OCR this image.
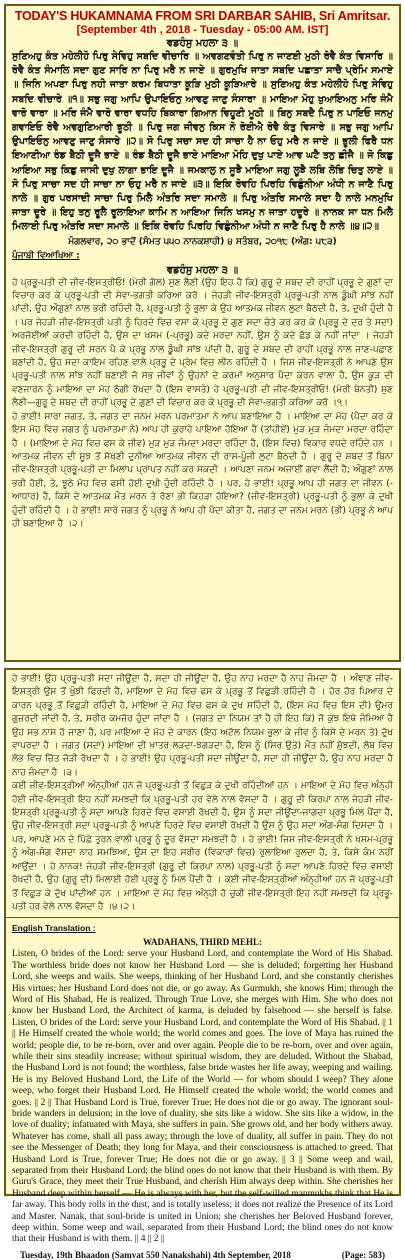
TODAY'S HUKAMNAMA FROM SRI DARBAR SAHIB, Sri Amritsar.
[September 4th , 2018 - Tuesday - 05:00 AM. IST]
ਵਡਹੰਸੁ ਮਹਲਾ ੩ ॥
ਸੁਣਿਅਹੁ ਕੰਤ ਮਹੇਲੀਹੋ ਪਿਰੁ ਸੇਵਿਹੁ ਸਬਦਿ ਵੀਚਾਰਿ ॥ ਅਵਗਣਵੰਤੀ ਪਿਰੁ ਨ ਜਾਣਈ ਮੁਠੀ ਰੋਵੈ ਕੰਤ ਵਿਸਾਰਿ ॥ ਰੋਵੈ ਕੰਤ ਸੰਮਾਲਿ ਸਦਾ ਗੁਣ ਸਾਰਿ ਨਾ ਪਿਰੁ ਮਰੈ ਨ ਜਾਏ ॥ ਗੁਰਮੁਖਿ ਜਾਤਾ ਸਬਦਿ ਪਛਾਤਾ ਸਾਚੈ ਪ੍ਰੇਮਿ ਸਮਾਏ ॥ ਜਿਨਿ ਅਪਣਾ ਪਿਰੁ ਨਹੀ ਜਾਤਾ ਕਰਮ ਬਿਧਾਤਾ ਕੂੜਿ ਮੁਠੀ ਕੂੜਿਆਰੇ ॥ ਸੁਣਿਅਹੁ ਕੰਤ ਮਹੇਲੀਹੋ ਪਿਰੁ ਸੇਵਿਹੁ ਸਬਦਿ ਵੀਚਾਰੇ ॥੧॥ ਸਭੁ ਜਗੁ ਆਪਿ ਉਪਾਇਓਨੁ ਆਵਣੁ ਜਾਣੁ ਸੰਸਾਰਾ ॥ ਮਾਇਆ ਮੋਹੁ ਖੁਆਇਅਨੁ ਮਰਿ ਜੰਮੈ ਵਾਰੋ ਵਾਰਾ ॥ ਮਰਿ ਜੰਮੈ ਵਾਰੋ ਵਾਰਾ ਵਧਹਿ ਬਿਕਾਰਾ ਗਿਆਨ ਵਿਹੂਣੀ ਮੂਠੀ ॥ ਬਿਨੁ ਸਬਦੈ ਪਿਰੁ ਨ ਪਾਇਓ ਜਨਮੁ ਗਵਾਇਓ ਰੋਵੈ ਅਵਗੁਣਿਆਰੀ ਝੂਠੀ ॥ ਪਿਰੁ ਜਗ ਜੀਵਨੁ ਕਿਸ ਨੋ ਰੋਈਐ ਰੋਵੈ ਕੰਤੁ ਵਿਸਾਰੇ ॥ ਸਭੁ ਜਗੁ ਆਪਿ ਉਪਾਇਓਨੁ ਆਵਣੁ ਜਾਣੁ ਸੰਸਾਰੇ ॥੨॥ ਸੋ ਪਿਰੁ ਸਚਾ ਸਦ ਹੀ ਸਾਚਾ ਹੈ ਨਾ ਓਹੁ ਮਰੈ ਨ ਜਾਏ ॥ ਭੂਲੀ ਫਿਰੈ ਧਨ ਇਆਣੀਆ ਰੰਡ ਬੈਠੀ ਦੂਜੈ ਭਾਏ ॥ ਰੰਡ ਬੈਠੀ ਦੂਜੈ ਭਾਏ ਮਾਇਆ ਮੋਹਿ ਦੁਖੁ ਪਾਏ ਆਵ ਘਟੈ ਤਨੁ ਛੀਜੈ ॥ ਜੋ ਕਿਛੁ ਆਇਆ ਸਭੁ ਕਿਛੁ ਜਾਸੀ ਦੁਖੁ ਲਾਗਾ ਭਾਇ ਦੂਜੈ ॥ ਜਮਕਾਲੁ ਨ ਸੂਝੈ ਮਾਇਆ ਜਗੁ ਲੂਝੈ ਲਬਿ ਲੋਭਿ ਚਿਤੁ ਲਾਏ ॥ ਸੋ ਪਿਰੁ ਸਾਚਾ ਸਦ ਹੀ ਸਾਚਾ ਨਾ ਓਹੁ ਮਰੈ ਨ ਜਾਏ ॥੩॥ ਇਕਿ ਰੋਵਹਿ ਪਿਰਹਿ ਵਿਛੁੰਨੀਆ ਅੰਧੀ ਨ ਜਾਣੈ ਪਿਰੁ ਨਾਲੇ ॥ ਗੁਰ ਪਰਸਾਦੀ ਸਾਚਾ ਪਿਰੁ ਮਿਲੈ ਅੰਤਰਿ ਸਦਾ ਸਮਾਲੇ ॥ ਪਿਰੁ ਅੰਤਰਿ ਸਮਾਲੇ ਸਦਾ ਹੈ ਨਾਲੇ ਮਨਮੁਖਿ ਜਾਤਾ ਦੂਰੇ ॥ ਇਹੁ ਤਨੁ ਰੂਲੈ ਰੂਲਾਇਆ ਕਾਮਿ ਨ ਆਇਆ ਜਿਨਿ ਖਸਮੁ ਨ ਜਾਤਾ ਹਦੂਰੇ ॥ ਨਾਨਕ ਸਾ ਧਨ ਮਿਲੈ ਮਿਲਾਈ ਪਿਰੁ ਅੰਤਰਿ ਸਦਾ ਸਮਾਲੇ ॥ ਇਕਿ ਰੋਵਹਿ ਪਿਰਹਿ ਵਿਛੁੰਨੀਆ ਅੰਧੀ ਨ ਜਾਣੈ ਪਿਰੁ ਹੈ ਨਾਲੇ ॥੪॥੨॥
ਮੰਗਲਵਾਰ, ੨੦ ਭਾਦੋਂ (ਸੰਮਤ ੫੫੦ ਨਾਨਕਸ਼ਾਹੀ) ੪ ਸਤੰਬਰ, ੨੦੧੮ (ਅੰਗ: ੫੮੩)
ਪੰਜਾਬੀ ਵਿਆਖਿਆ :
ਵਡਹੰਸੁ ਮਹਲਾ ੩ ॥
ਹੇ ਪ੍ਰਭੂ-ਪਤੀ ਦੀ ਜੀਵ-ਇਸਤ੍ਰੀਓ! (ਮੇਰੀ ਗੱਲ) ਸੁਣ ਲੈਣੀ (ਉਹ ਇਹ ਹੈ ਕਿ) ਗੁਰੂ ਦੇ ਸ਼ਬਦ ਦੀ ਰਾਹੀਂ ਪ੍ਰਭੂ ਦੇ ਗੁਣਾਂ ਦਾ ਵਿਚਾਰ ਕਰ ਕੇ ਪ੍ਰਭੂ-ਪਤੀ ਦੀ ਸੇਵਾ-ਭਗਤੀ ਕਰਿਆ ਕਰੋ । ਜੇਹੜੀ ਜੀਵ-ਇਸਤ੍ਰੀ ਪ੍ਰਭੂ-ਪਤੀ ਨਾਲ ਡੂੰਘੀ ਸਾਂਝ ਨਹੀਂ ਪਾਂਦੀ, ਉਹ ਔਗੁਣਾਂ ਨਾਲ ਭਰੀ ਰਹਿੰਦੀ ਹੈ, ਪ੍ਰਭੂ-ਪਤੀ ਨੂੰ ਭੁਲਾ ਕੇ ਉਹ ਆਤਮਕ ਜੀਵਨ ਲੁਟਾ ਬੈਠਦੀ ਹੈ, ਤੇ, ਦੁਖੀ ਹੁੰਦੀ ਹੈ । ਪਰ ਜੇਹੜੀ ਜੀਵ-ਇਸਤ੍ਰੀ ਪਤੀ ਨੂੰ ਹਿਰਦੇ ਵਿਚ ਵਸਾ ਕੇ ਪ੍ਰਭੂ ਦੇ ਗੁਣ ਸਦਾ ਚੇਤੇ ਕਰ ਕਰ ਕੇ (ਪ੍ਰਭੂ ਦੇ ਦਰ ਤੇ ਸਦਾ) ਅਰਜ਼ੋਈਆਂ ਕਰਦੀ ਰਹਿੰਦੀ ਹੈ, ਉਸ ਦਾ ਖਸਮ (-ਪ੍ਰਭੂ) ਕਦੇ ਮਰਦਾ ਨਹੀਂ, ਉਸ ਨੂੰ ਕਦੇ ਛੱਡ ਕੇ ਨਹੀਂ ਜਾਂਦਾ । ਜੇਹੜੀ ਜੀਵ-ਇਸਤ੍ਰੀ ਗੁਰੂ ਦੀ ਸਰਨ ਪੈ ਕੇ ਪ੍ਰਭੂ ਨਾਲ ਡੂੰਘੀ ਸਾਂਝ ਪਾਂਦੀ ਹੈ, ਗੁਰੂ ਦੇ ਸ਼ਬਦ ਦੀ ਰਾਹੀਂ ਪ੍ਰਭੂ ਨਾਲ ਜਾਣ-ਪਛਾਣ ਬਣਾਂਦੀ ਹੈ, ਉਹ ਸਦਾ ਕਾਇਮ ਰਹਿਣ ਵਾਲੇ ਪ੍ਰਭੂ ਦੇ ਪ੍ਰੇਮ ਵਿਚ ਲੀਨ ਰਹਿੰਦੀ ਹੈ । ਜਿਸ ਜੀਵ-ਇਸਤ੍ਰੀ ਨੇ ਆਪਣੇ ਉਸ ਪ੍ਰਭੂ-ਪਤੀ ਨਾਲ ਸਾਂਝ ਨਹੀਂ ਬਣਾਈ ਜੋ ਸਭ ਜੀਵਾਂ ਨੂੰ ਉਹਨਾਂ ਦੇ ਕਰਮਾਂ ਅਨੁਸਾਰ ਪੈਦਾ ਕਰਨ ਵਾਲਾ ਹੈ, ਉਸ ਕੂੜ ਦੀ ਵਣਜਾਰਨ ਨੂੰ ਮਾਇਆ ਦਾ ਮੋਹ ਠੱਗੀ ਰੱਖਦਾ ਹੈ (ਇਸ ਵਾਸਤੇ) ਹੇ ਪ੍ਰਭੂ-ਪਤੀ ਦੀ ਜੀਵ-ਇਸਤ੍ਰੀਓ! (ਮੇਰੀ ਬੇਨਤੀ) ਸੁਣ ਲੈਣੀ—ਗੁਰੂ ਦੇ ਸ਼ਬਦ ਦੀ ਰਾਹੀਂ ਪ੍ਰਭੂ ਦੇ ਗੁਣਾਂ ਦੀ ਵਿਚਾਰ ਕਰ ਕੇ ਪ੍ਰਭੂ ਦੀ ਸੇਵਾ-ਭਗਤੀ ਕਰਿਆ ਕਰੋ ।੧।
ਹੇ ਭਾਈ! ਸਾਰਾ ਜਗਤ, ਤੇ, ਜਗਤ ਦਾ ਜਨਮ ਮਰਨ ਪਰਮਾਤਮਾ ਨੇ ਆਪ ਬਣਾਇਆ ਹੈ । ਮਾਇਆ ਦਾ ਮੋਹ (ਪੈਦਾ ਕਰ ਕੇ ਇਸ ਮੋਹ ਵਿਚ ਜਗਤ ਨੂੰ ਪਰਮਾਤਮਾ ਨੇ) ਆਪ ਹੀ ਕੁਰਾਹੇ ਪਾਇਆ ਹੋਇਆ ਹੈ (ਤਾਂਹੀਏਂ) ਮੁੜ ਮੁੜ ਜੰਮਦਾ ਮਰਦਾ ਰਹਿੰਦਾ ਹੈ । (ਮਾਇਆ ਦੇ ਮੋਹ ਵਿਚ ਫਸ ਕੇ ਜੀਵ) ਮੁੜ ਮੁੜ ਜੰਮਦਾ ਮਰਦਾ ਰਹਿੰਦਾ ਹੈ, (ਇਸ ਵਿਚ) ਵਿਕਾਰ ਵਧਦੇ ਰਹਿੰਦੇ ਹਨ । ਆਤਮਕ ਜੀਵਨ ਦੀ ਸੂਝ ਤੋਂ ਸੱਖਣੀ ਦੁਨੀਆ ਆਤਮਕ ਜੀਵਨ ਦੀ ਰਾਸ-ਪੂੰਜੀ ਲੁਟਾ ਬੈਠਦੀ ਹੈ । ਗੁਰੂ ਦੇ ਸ਼ਬਦ ਤੋਂ ਬਿਨਾ ਜੀਵ-ਇਸਤ੍ਰੀ ਪ੍ਰਭੂ-ਪਤੀ ਦਾ ਮਿਲਾਪ ਪ੍ਰਾਪਤ ਨਹੀਂ ਕਰ ਸਕਦੀ । ਆਪਣਾ ਜਨਮ ਅਜਾਈਂ ਗਵਾ ਲੈਂਦੀ ਹੈ; ਔਗੁਣਾਂ ਨਾਲ ਭਰੀ ਹੋਈ, ਤੇ, ਝੂਠੇ ਮੋਹ ਵਿਚ ਫਸੀ ਹੋਈ ਦੁਖੀ ਹੁੰਦੀ ਰਹਿੰਦੀ ਹੈ । ਪਰ, ਹੇ ਭਾਈ! ਪ੍ਰਭੂ ਆਪ ਹੀ ਜਗਤ ਦਾ ਜੀਵਨ (-ਆਧਾਰ) ਹੈ, ਕਿਸੇ ਦੇ ਆਤਮਕ ਮੌਤ ਮਰਨ ਤੇ ਰੋਣਾ ਭੀ ਕਿਹੜਾ ਹੋਇਆ? (ਜੀਵ-ਇਸਤ੍ਰੀ) ਪ੍ਰਭੂ-ਪਤੀ ਨੂੰ ਭੁਲਾ ਕੇ ਦੁਖੀ ਹੁੰਦੀ ਰਹਿੰਦੀ ਹੈ । ਹੇ ਭਾਈ! ਸਾਰੇ ਜਗਤ ਨੂੰ ਪ੍ਰਭੂ ਨੇ ਆਪ ਹੀ ਪੈਦਾ ਕੀਤਾ ਹੈ, ਜਗਤ ਦਾ ਜਨਮ ਮਰਨ (ਭੀ) ਪ੍ਰਭੂ ਨੇ ਆਪ ਹੀ ਬਣਾਇਆ ਹੈ ।੨।
ਹੇ ਭਾਈ! ਉਹ ਪ੍ਰਭੂ-ਪਤੀ ਸਦਾ ਜੀਊਂਦਾ ਹੈ, ਸਦਾ ਹੀ ਜੀਊਂਦਾ ਹੈ, ਉਹ ਨਾਹ ਮਰਦਾ ਹੈ ਨਾਹ ਜੰਮਦਾ ਹੈ । ਅੰਞਾਣ ਜੀਵ-ਇਸਤ੍ਰੀ ਉਸ ਤੋਂ ਖੁੰਝੀ ਫਿਰਦੀ ਹੈ, ਮਾਇਆ ਦੇ ਮੋਹ ਵਿਚ ਫਸ ਕੇ ਪ੍ਰਭੂ ਤੋਂ ਵਿਛੁੜੀ ਰਹਿੰਦੀ ਹੈ । ਹੋਰ ਹੋਰ ਪਿਆਰ ਦੇ ਕਾਰਨ ਪ੍ਰਭੂ ਤੋਂ ਵਿਛੁੜੀ ਰਹਿੰਦੀ ਹੈ, ਮਾਇਆ ਦੇ ਮੋਹ ਵਿਚ ਫਸ ਕੇ ਦੁਖ ਸਹਿੰਦੀ ਹੈ, (ਇਸ ਮੋਹ ਵਿਚ ਇਸ ਦੀ) ਉਮਰ ਗੁਜ਼ਰਦੀ ਜਾਂਦੀ ਹੈ, ਤੇ, ਸਰੀਰ ਕਮਜ਼ੋਰ ਹੁੰਦਾ ਜਾਂਦਾ ਹੈ । (ਜਗਤ ਦਾ ਨਿਯਮ ਤਾਂ ਹੈ ਹੀ ਇਹ ਕਿ) ਜੋ ਕੁਝ ਇਥੇ ਜੰਮਿਆ ਹੈ ਉਹ ਸਭ ਨਾਸ ਹੋ ਜਾਣਾ ਹੈ, ਪਰ ਮਾਇਆ ਦੇ ਮੋਹ ਦੇ ਕਾਰਨ (ਇਹ ਅਟੱਲ ਨਿਯਮ ਭੁਲਾ ਕੇ ਜੀਵ ਨੂੰ ਕਿਸੇ ਦੇ ਮਰਨ ਤੇ) ਦੁੱਖ ਵਾਪਰਦਾ ਹੈ । ਜਗਤ (ਸਦਾ) ਮਾਇਆ ਦੀ ਖ਼ਾਤਰ ਲੜਦਾ-ਝਗੜਦਾ ਹੈ, ਇਸ ਨੂੰ (ਸਿਰ ਉਤੇ) ਮੌਤ ਨਹੀਂ ਸੁੱਝਦੀ, ਲੱਬ ਵਿਚ ਲੋਭ ਵਿਚ ਚਿੱਤ ਜੋੜੀ ਰੱਖਦਾ ਹੈ । ਹੇ ਭਾਈ! ਉਹ ਪ੍ਰਭੂ-ਪਤੀ ਸਦਾ ਜੀਊਂਦਾ ਹੈ, ਸਦਾ ਹੀ ਜੀਊਂਦਾ ਹੈ, ਉਹ ਨਾਹ ਮਰਦਾ ਹੈ ਨਾਹ ਜੰਮਦਾ ਹੈ ।੩।
ਕਈ ਜੀਵ-ਇਸਤ੍ਰੀਆਂ ਅੰਨ੍ਹੀਆਂ ਹਨ ਜੋ ਪ੍ਰਭੂ-ਪਤੀ ਤੋਂ ਵਿਛੁੜ ਕੇ ਦੁਖੀ ਰਹਿੰਦੀਆਂ ਹਨ । ਮਾਇਆ ਦੇ ਮੋਹ ਵਿਚ ਅੰਨ੍ਹੀ ਹੋਈ ਜੀਵ-ਇਸਤ੍ਰੀ ਇਹ ਨਹੀਂ ਸਮਝਦੀ ਕਿ ਪ੍ਰਭੂ-ਪਤੀ ਹਰ ਵੇਲੇ ਨਾਲ ਵੱਸਦਾ ਹੈ । ਗੁਰੂ ਦੀ ਕਿਰਪਾ ਨਾਲ ਜੇਹੜੀ ਜੀਵ-ਇਸਤ੍ਰੀ ਪ੍ਰਭੂ-ਪਤੀ ਨੂੰ ਸਦਾ ਆਪਣੇ ਹਿਰਦੇ ਵਿਚ ਵਸਾਈ ਰੱਖਦੀ ਹੈ, ਉਸ ਨੂੰ ਸਦਾ ਜੀਊਂਦਾ-ਜਾਗਦਾ ਪ੍ਰਭੂ ਮਿਲ ਪੈਂਦਾ ਹੈ, ਉਹ ਜੀਵ-ਇਸਤ੍ਰੀ ਸਦਾ ਪ੍ਰਭੂ-ਪਤੀ ਨੂੰ ਆਪਣੇ ਹਿਰਦੇ ਵਿਚ ਵਸਾਈ ਰੱਖਦੀ ਹੈ ਉਸ ਨੂੰ ਉਹ ਸਦਾ ਅੰਗ-ਸੰਗ ਦਿਸਦਾ ਹੈ । ਪਰ, ਆਪਣੇ ਮਨ ਦੇ ਪਿੱਛੇ ਤੁਰਨ ਵਾਲੀ ਪ੍ਰਭੂ ਨੂੰ ਦੂਰ ਵੱਸਦਾ ਸਮਝਦੀ ਹੈ । ਹੇ ਭਾਈ! ਜਿਸ ਜੀਵ-ਇਸਤ੍ਰੀ ਨੇ ਖਸਮ-ਪ੍ਰਭੂ ਨੂੰ ਅੰਗ-ਸੰਗ ਵੱਸਦਾ ਨਾਹ ਸਮਝਿਆ, ਉਸ ਦਾ ਇਹ ਸਰੀਰ (ਵਿਕਾਰਾਂ ਵਿਚ) ਰੁਲਾਇਆ ਰੁਲਦਾ ਹੈ, ਤੇ, ਕਿਸੇ ਕੰਮ ਨਹੀਂ ਆਉਂਦਾ । ਹੇ ਨਾਨਕ! ਜੇਹੜੀ ਜੀਵ-ਇਸਤ੍ਰੀ (ਗੁਰੂ ਦੀ ਕਿਰਪਾ ਨਾਲ) ਪ੍ਰਭੂ-ਪਤੀ ਨੂੰ ਸਦਾ ਆਪਣੇ ਹਿਰਦੇ ਵਿਚ ਵਸਾਈ ਰੱਖਦੀ ਹੈ, ਉਹ (ਗੁਰੂ ਦੀ) ਮਿਲਾਈ ਹੋਈ ਪ੍ਰਭੂ ਨੂੰ ਮਿਲ ਪੈਂਦੀ ਹੈ । ਕਈ ਜੀਵ-ਇਸਤ੍ਰੀਆਂ ਅੰਨ੍ਹੀਆਂ ਹਨ ਜੋ ਪ੍ਰਭੂ-ਪਤੀ ਤੋਂ ਵਿਛੁੜ ਕੇ ਦੁੱਖ ਪਾਂਦੀਆਂ ਹਨ । ਮਾਇਆ ਦੇ ਮੋਹ ਵਿਚ ਅੰਨ੍ਹੀ ਹੋ ਚੁਕੀ ਜੀਵ-ਇਸਤ੍ਰੀ ਇਹ ਨਹੀਂ ਸਮਝਦੀ ਕਿ ਪ੍ਰਭੂ-ਪਤੀ ਹਰ ਵੇਲੇ ਨਾਲ ਵੱਸਦਾ ਹੈ ।੪।੨।
English Translation :
WADAHANS, THIRD MEHL:
Listen, O brides of the Lord: serve your Husband Lord, and contemplate the Word of His Shabad. The worthless bride does not know her Husband Lord — she is deluded; forgetting her Husband Lord, she weeps and wails. She weeps, thinking of her Husband Lord, and she constantly cherishes His virtues; her Husband Lord does not die, or go away. As Gurmukh, she knows Him; through the Word of His Shabad, He is realized. Through True Love, she merges with Him. She who does not know her Husband Lord, the Architect of karma, is deluded by falsehood — she herself is false. Listen, O brides of the Lord: serve your Husband Lord, and contemplate the Word of His Shabad. || 1 || He Himself created the whole world; the world comes and goes. The love of Maya has ruined the world; people die, to be re-born, over and over again. People die to be re-born, over and over again, while their sins steadily increase; without spiritual wisdom, they are deluded. Without the Shabad, the Husband Lord is not found; the worthless, false bride wastes her life away, weeping and wailing. He is my Beloved Husband Lord, the Life of the World — for whom should I weep? They alone weep, who forget their Husband Lord. He Himself created the whole world; the world comes and goes. || 2 || That Husband Lord is True, forever True; He does not die or go away. The ignorant soul-bride wanders in delusion; in the love of duality, she sits like a widow. She sits like a widow, in the love of duality; infatuated with Maya, she suffers in pain. She grows old, and her body withers away. Whatever has come, shall all pass away; through the love of duality, all suffer in pain. They do not see the Messenger of Death; they long for Maya, and their consciousness is attached to greed. That Husband Lord is True, forever True; He does not die or go away. || 3 || Some weep and wail, separated from their Husband Lord; the blind ones do not know that their Husband is with them. By Guru's Grace, they meet their True Husband, and cherish Him always deep within. She cherishes her Husband deep within herself — He is always with her, but the self-willed manmukhs think that He is far away. This body rolls in the dust, and is totally useless; it does not realize the Presence of its Lord and Master. Nanak, that soul-bride is united in Union; she cherishes her Beloved Husband forever, deep within. Some weep and wail, separated from their Husband Lord; the blind ones do not know that their Husband is with them. || 4 || 2 ||
Tuesday, 19th Bhaadon (Samvat 550 Nanakshahi) 4th September, 2018	(Page: 583)
